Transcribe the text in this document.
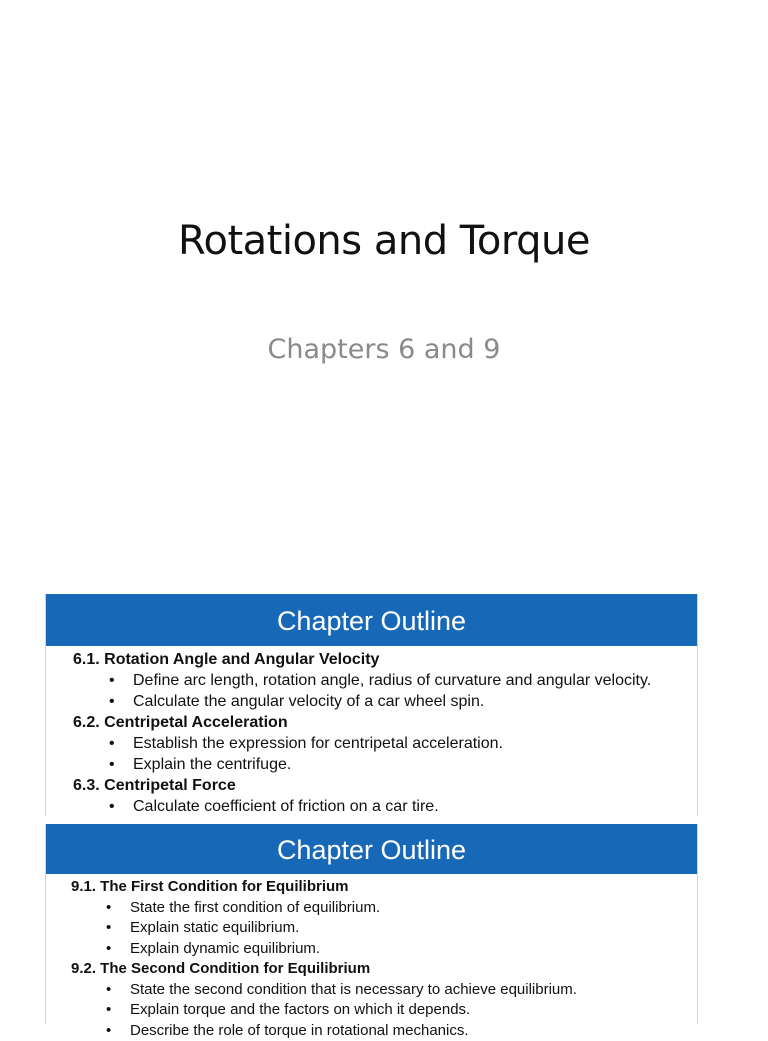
Rotations and Torque
Chapters 6 and 9
Chapter Outline
6.1. Rotation Angle and Angular Velocity
• Define arc length, rotation angle, radius of curvature and angular velocity.
• Calculate the angular velocity of a car wheel spin.
6.2. Centripetal Acceleration
• Establish the expression for centripetal acceleration.
• Explain the centrifuge.
6.3. Centripetal Force
• Calculate coefficient of friction on a car tire.
Chapter Outline
9.1. The First Condition for Equilibrium
• State the first condition of equilibrium.
• Explain static equilibrium.
• Explain dynamic equilibrium.
9.2. The Second Condition for Equilibrium
• State the second condition that is necessary to achieve equilibrium.
• Explain torque and the factors on which it depends.
• Describe the role of torque in rotational mechanics.
